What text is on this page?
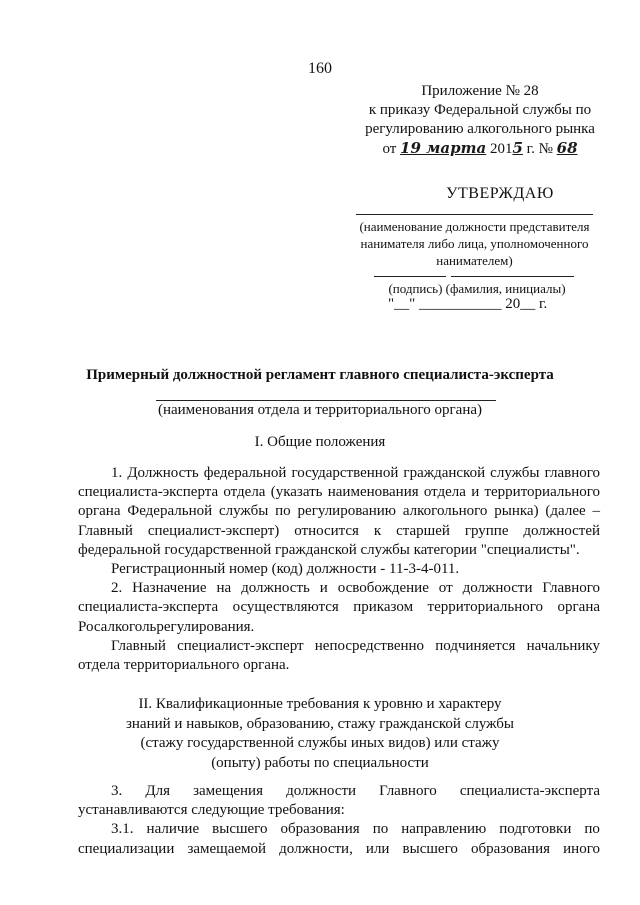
160
Приложение № 28
к приказу Федеральной службы по
регулированию алкогольного рынка
от 19 марта 2015 г. № 68
УТВЕРЖДАЮ
(наименование должности представителя нанимателя либо лица, уполномоченного нанимателем)
(подпись) (фамилия, инициалы)
"__" ___________ 20__ г.
Примерный должностной регламент главного специалиста-эксперта
(наименования отдела и территориального органа)
I. Общие положения

1. Должность федеральной государственной гражданской службы главного специалиста-эксперта отдела (указать наименования отдела и территориального органа Федеральной службы по регулированию алкогольного рынка) (далее – Главный специалист-эксперт) относится к старшей группе должностей федеральной государственной гражданской службы категории "специалисты".

Регистрационный номер (код) должности - 11-3-4-011.

2. Назначение на должность и освобождение от должности Главного специалиста-эксперта осуществляются приказом территориального органа Росалкогольрегулирования.

Главный специалист-эксперт непосредственно подчиняется начальнику отдела территориального органа.

II. Квалификационные требования к уровню и характеру
знаний и навыков, образованию, стажу гражданской службы
(стажу государственной службы иных видов) или стажу
(опыту) работы по специальности
3. Для замещения должности Главного специалиста-эксперта
устанавливаются следующие требования:
3.1. наличие высшего образования по направлению подготовки по
специализации замещаемой должности, или высшего образования иного
